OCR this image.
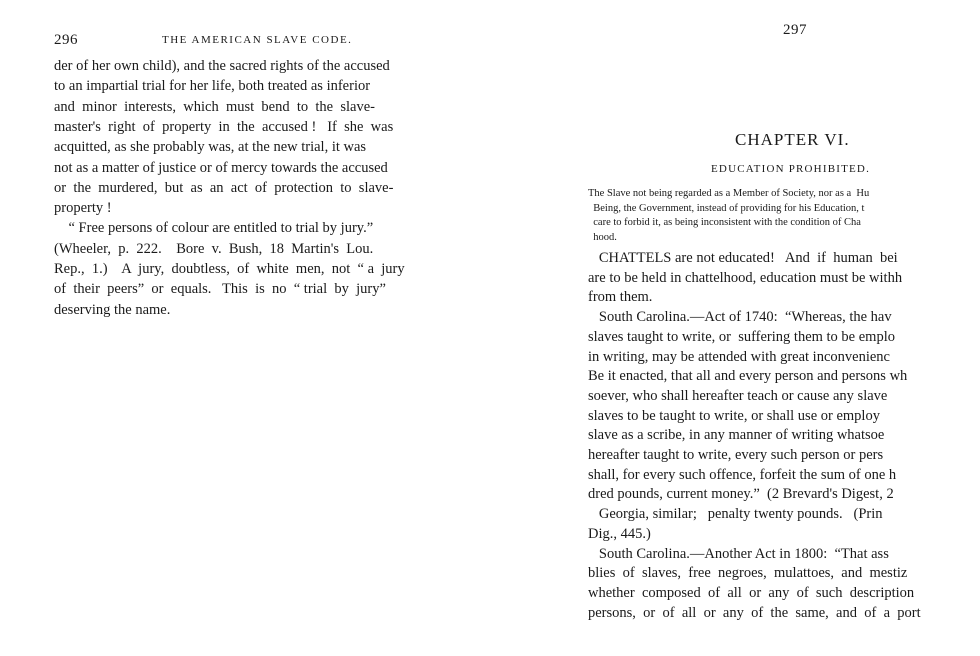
296	THE AMERICAN SLAVE CODE.
der of her own child), and the sacred rights of the accused
to an impartial trial for her life, both treated as inferior
and  minor  interests,  which  must  bend  to  the  slave-
master's  right  of  property  in  the  accused !   If  she  was
acquitted, as she probably was, at the new trial, it was
not as a matter of justice or of mercy towards the accused
or  the  murdered,  but  as  an  act  of  protection  to  slave-
property !
“ Free persons of colour are entitled to trial by jury.”
(Wheeler,  p.  222.    Bore  v.  Bush,  18  Martin's  Lou.
Rep.,  1.)    A  jury,  doubtless,  of  white  men,  not  “ a  jury
of  their  peers”  or  equals.   This  is  no  “ trial  by  jury”
deserving the name.
297
CHAPTER VI.
EDUCATION PROHIBITED.
The Slave not being regarded as a Member of Society, nor as a  Hu
Being, the Government, instead of providing for his Education, t
care to forbid it, as being inconsistent with the condition of Cha
hood.
CHATTELS are not educated!   And  if  human  bei
are to be held in chattelhood, education must be withh
from them.
South Carolina.—Act of 1740:  “Whereas, the hav
slaves taught to write, or  suffering them to be emplo
in writing, may be attended with great inconvenienc
Be it enacted, that all and every person and persons wh
soever, who shall hereafter teach or cause any slave
slaves to be taught to write, or shall use or employ
slave as a scribe, in any manner of writing whatsoe
hereafter taught to write, every such person or pers
shall, for every such offence, forfeit the sum of one h
dred pounds, current money.”  (2 Brevard's Digest, 2
Georgia, similar;   penalty twenty pounds.   (Prin
Dig., 445.)
South Carolina.—Another Act in 1800:  “That ass
blies  of  slaves,  free  negroes,  mulattoes,  and  mestiz
whether  composed  of  all  or  any  of  such  description
persons,  or  of  all  or  any  of  the  same,  and  of  a  port
